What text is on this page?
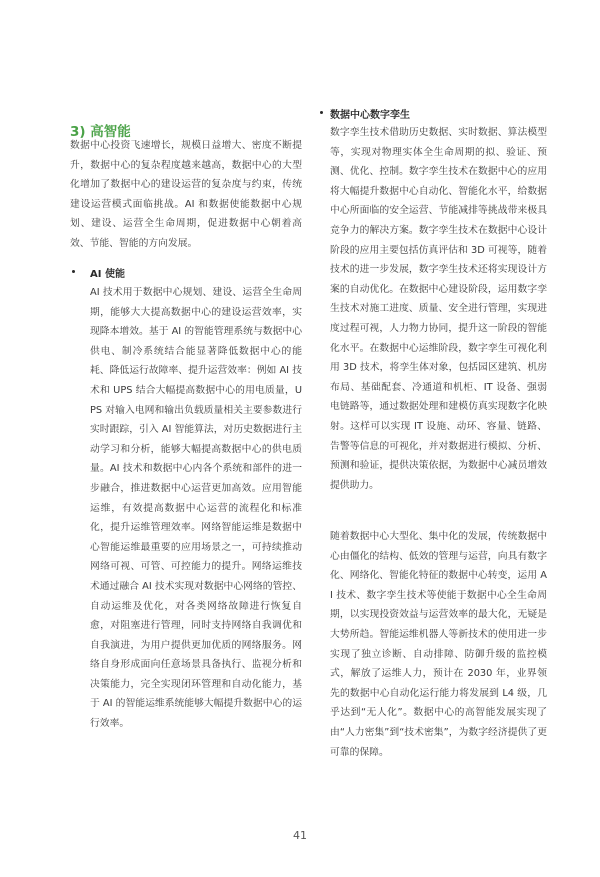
3) 高智能

数据中心投资飞速增长，规模日益增大、密度不断提升，数据中心的复杂程度越来越高，数据中心的大型化增加了数据中心的建设运营的复杂度与约束，传统建设运营模式面临挑战。AI 和数据使能数据中心规划、建设、运营全生命周期，促进数据中心朝着高效、节能、智能的方向发展。

AI 使能

AI 技术用于数据中心规划、建设、运营全生命周期，能够大大提高数据中心的建设运营效率，实现降本增效。基于 AI 的智能管理系统与数据中心供电、制冷系统结合能显著降低数据中心的能耗、降低运行故障率、提升运营效率：例如 AI 技术和 UPS 结合大幅提高数据中心的用电质量，UPS 对输入电网和输出负载质量相关主要参数进行实时跟踪，引入 AI 智能算法，对历史数据进行主动学习和分析，能够大幅提高数据中心的供电质量。AI 技术和数据中心内各个系统和部件的进一步融合，推进数据中心运营更加高效。应用智能运维，有效提高数据中心运营的流程化和标准化，提升运维管理效率。网络智能运维是数据中心智能运维最重要的应用场景之一，可持续推动网络可视、可管、可控能力的提升。网络运维技术通过融合 AI 技术实现对数据中心网络的管控、自动运维及优化，对各类网络故障进行恢复自愈，对阻塞进行管理，同时支持网络自我调优和自我演进，为用户提供更加优质的网络服务。网络自身形成面向任意场景具备执行、监视分析和决策能力，完全实现闭环管理和自动化能力，基于 AI 的智能运维系统能够大幅提升数据中心的运行效率。

数据中心数字孪生

数字孪生技术借助历史数据、实时数据、算法模型等，实现对物理实体全生命周期的拟、验证、预测、优化、控制。数字孪生技术在数据中心的应用将大幅提升数据中心自动化、智能化水平，给数据中心所面临的安全运营、节能减排等挑战带来极具竞争力的解决方案。数字孪生技术在数据中心设计阶段的应用主要包括仿真评估和 3D 可视等，随着技术的进一步发展，数字孪生技术还将实现设计方案的自动优化。在数据中心建设阶段，运用数字孪生技术对施工进度、质量、安全进行管理，实现进度过程可视，人力物力协同，提升这一阶段的智能化水平。在数据中心运维阶段，数字孪生可视化利用 3D 技术，将孪生体对象，包括园区建筑、机房布局、基础配套、冷通道和机柜、IT 设备、强弱电链路等，通过数据处理和建模仿真实现数字化映射。这样可以实现 IT 设施、动环、容量、链路、告警等信息的可视化，并对数据进行模拟、分析、预测和验证，提供决策依据，为数据中心减员增效提供助力。

随着数据中心大型化、集中化的发展，传统数据中心由僵化的结构、低效的管理与运营，向具有数字化、网络化、智能化特征的数据中心转变，运用 AI 技术、数字孪生技术等使能于数据中心全生命周期，以实现投资效益与运营效率的最大化，无疑是大势所趋。智能运维机器人等新技术的使用进一步实现了独立诊断、自动排障、防御升级的监控模式，解放了运维人力，预计在 2030 年，业界领先的数据中心自动化运行能力将发展到 L4 级，几乎达到“无人化”。数据中心的高智能发展实现了由“人力密集”到“技术密集”，为数字经济提供了更可靠的保障。

41
